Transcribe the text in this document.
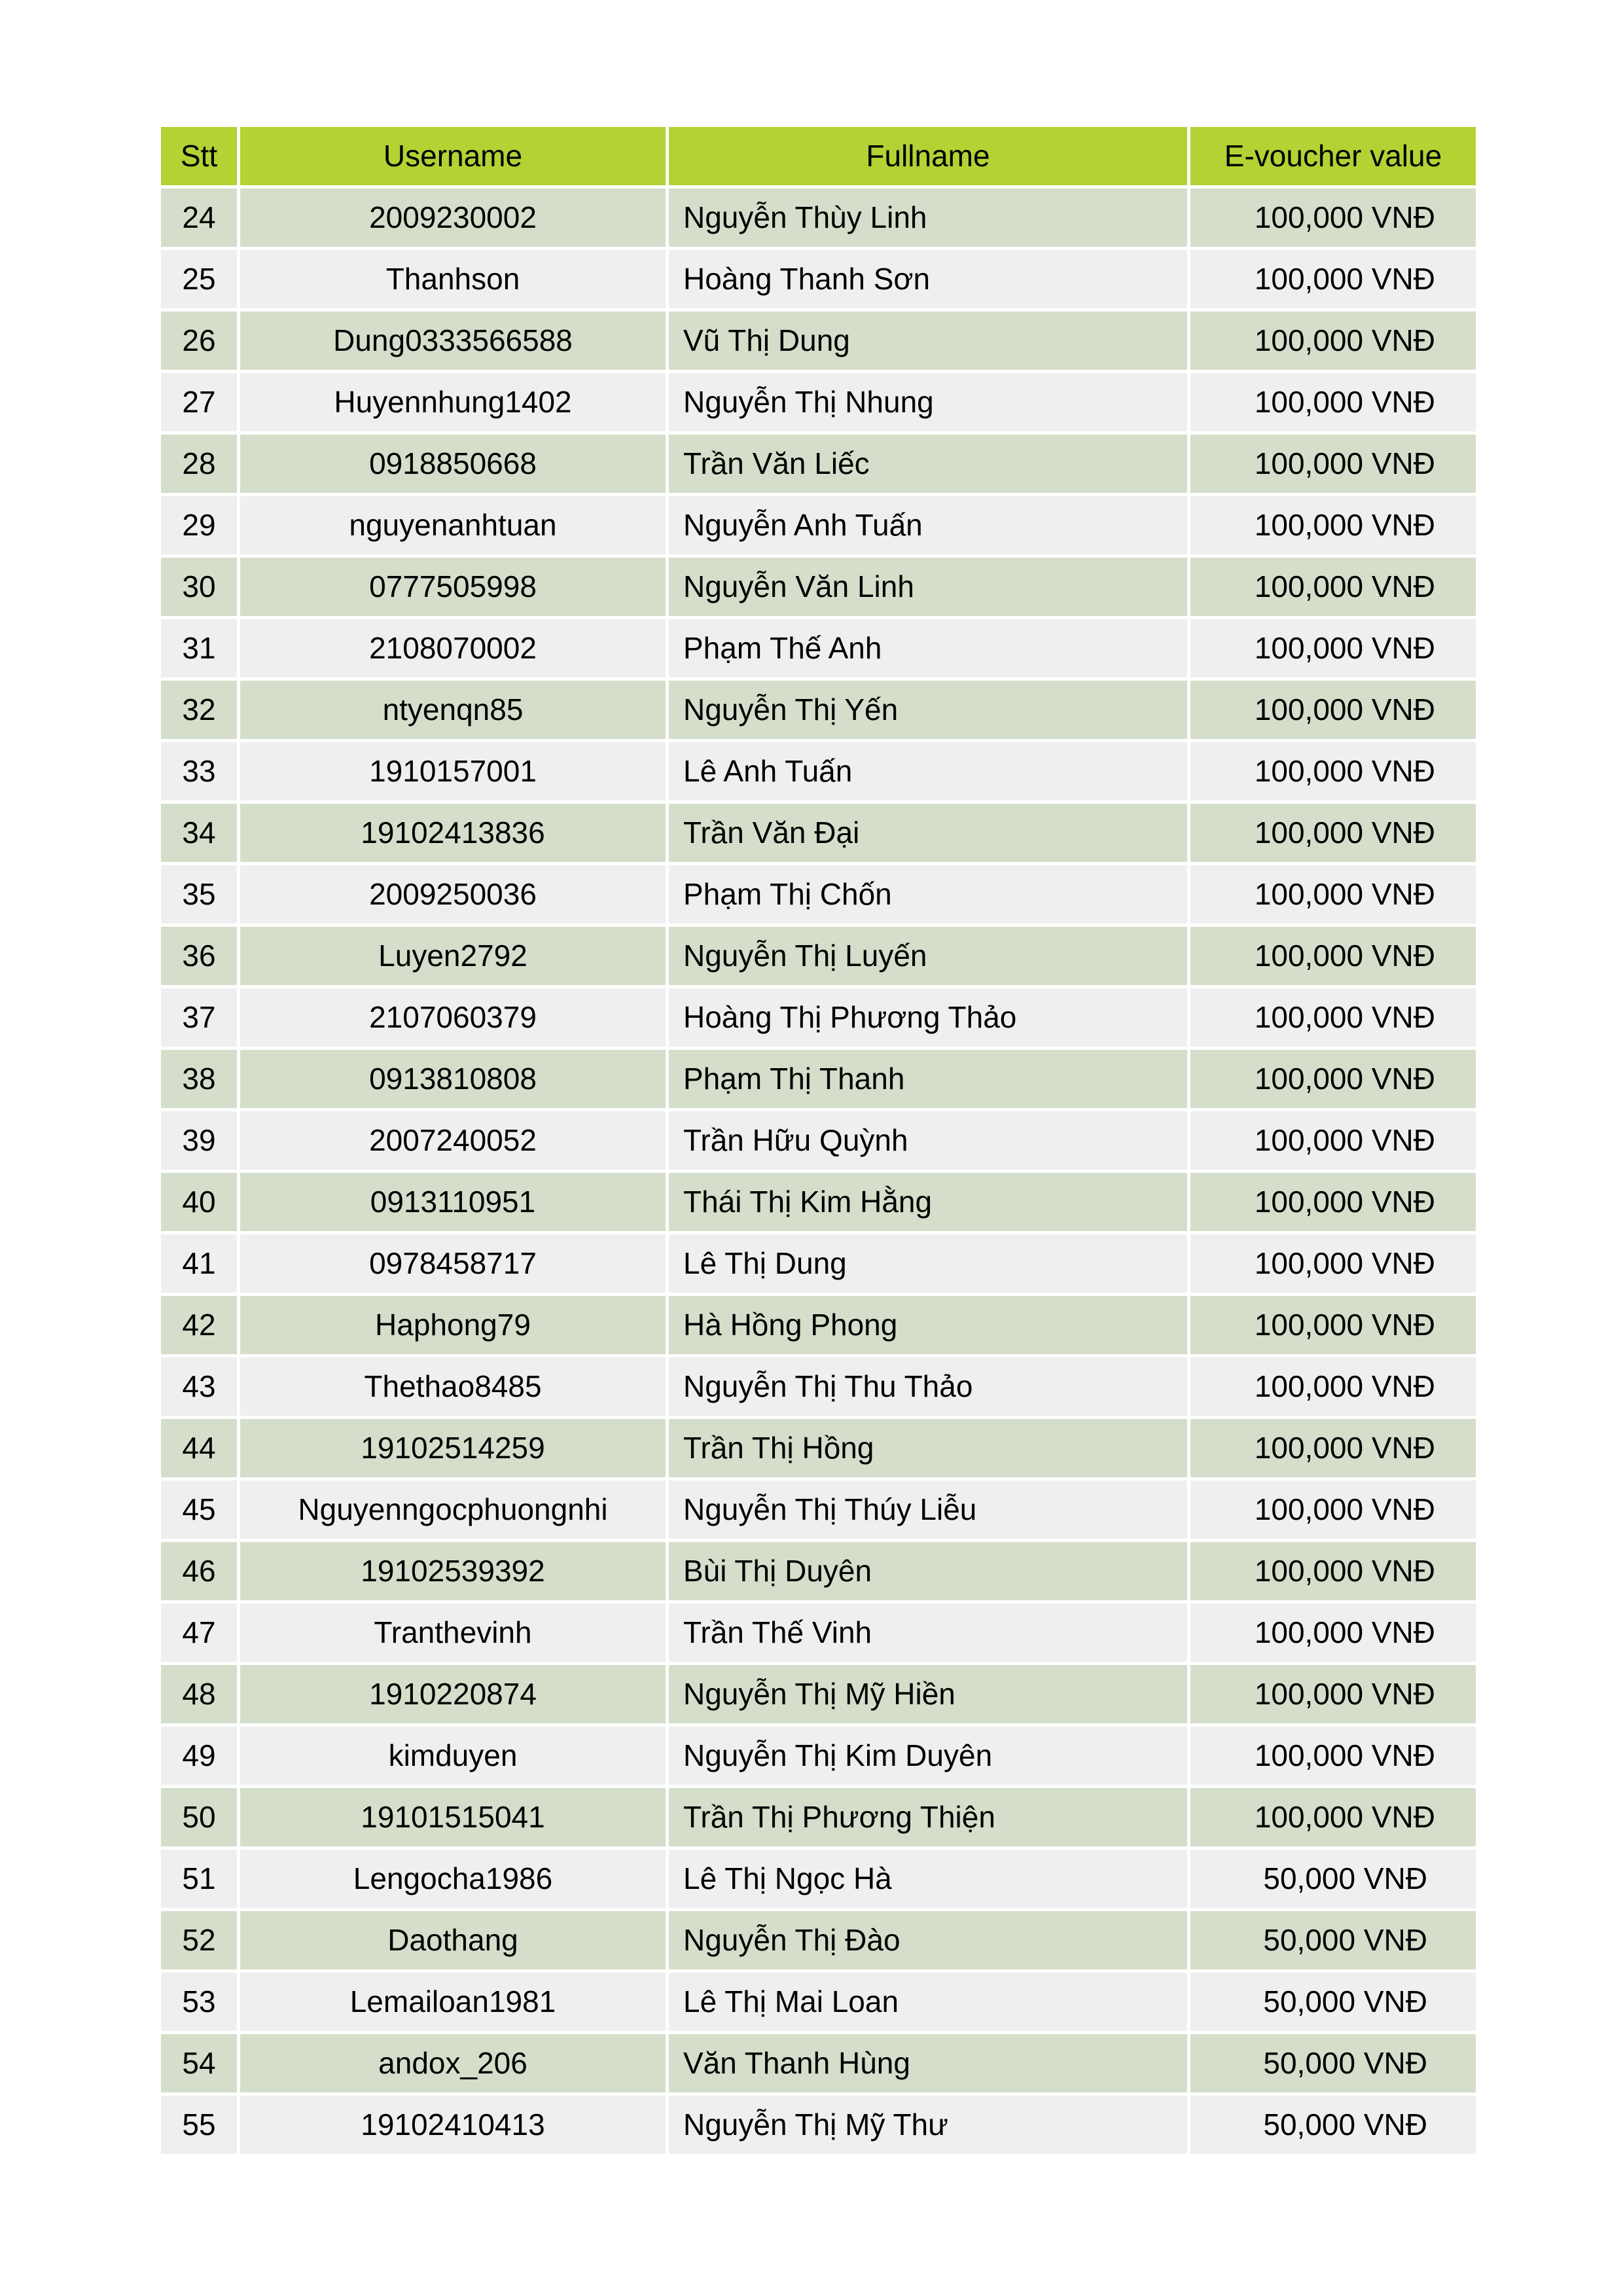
Stt	Username	Fullname	E-voucher value
24	2009230002	Nguyễn Thùy Linh	100,000 VNĐ
25	Thanhson	Hoàng Thanh Sơn	100,000 VNĐ
26	Dung0333566588	Vũ Thị Dung	100,000 VNĐ
27	Huyennhung1402	Nguyễn Thị Nhung	100,000 VNĐ
28	0918850668	Trần Văn Liếc	100,000 VNĐ
29	nguyenanhtuan	Nguyễn Anh Tuấn	100,000 VNĐ
30	0777505998	Nguyễn Văn Linh	100,000 VNĐ
31	2108070002	Phạm Thế Anh	100,000 VNĐ
32	ntyenqn85	Nguyễn Thị Yến	100,000 VNĐ
33	1910157001	Lê Anh Tuấn	100,000 VNĐ
34	19102413836	Trần Văn Đại	100,000 VNĐ
35	2009250036	Phạm Thị Chốn	100,000 VNĐ
36	Luyen2792	Nguyễn Thị Luyến	100,000 VNĐ
37	2107060379	Hoàng Thị Phương Thảo	100,000 VNĐ
38	0913810808	Phạm Thị Thanh	100,000 VNĐ
39	2007240052	Trần Hữu Quỳnh	100,000 VNĐ
40	0913110951	Thái Thị Kim Hằng	100,000 VNĐ
41	0978458717	Lê Thị Dung	100,000 VNĐ
42	Haphong79	Hà Hồng Phong	100,000 VNĐ
43	Thethao8485	Nguyễn Thị Thu Thảo	100,000 VNĐ
44	19102514259	Trần Thị Hồng	100,000 VNĐ
45	Nguyenngocphuongnhi	Nguyễn Thị Thúy Liễu	100,000 VNĐ
46	19102539392	Bùi Thị Duyên	100,000 VNĐ
47	Tranthevinh	Trần Thế Vinh	100,000 VNĐ
48	1910220874	Nguyễn Thị Mỹ Hiền	100,000 VNĐ
49	kimduyen	Nguyễn Thị Kim Duyên	100,000 VNĐ
50	19101515041	Trần Thị Phương Thiện	100,000 VNĐ
51	Lengocha1986	Lê Thị Ngọc Hà	50,000 VNĐ
52	Daothang	Nguyễn Thị Đào	50,000 VNĐ
53	Lemailoan1981	Lê Thị Mai Loan	50,000 VNĐ
54	andox_206	Văn Thanh Hùng	50,000 VNĐ
55	19102410413	Nguyễn Thị Mỹ Thư	50,000 VNĐ
